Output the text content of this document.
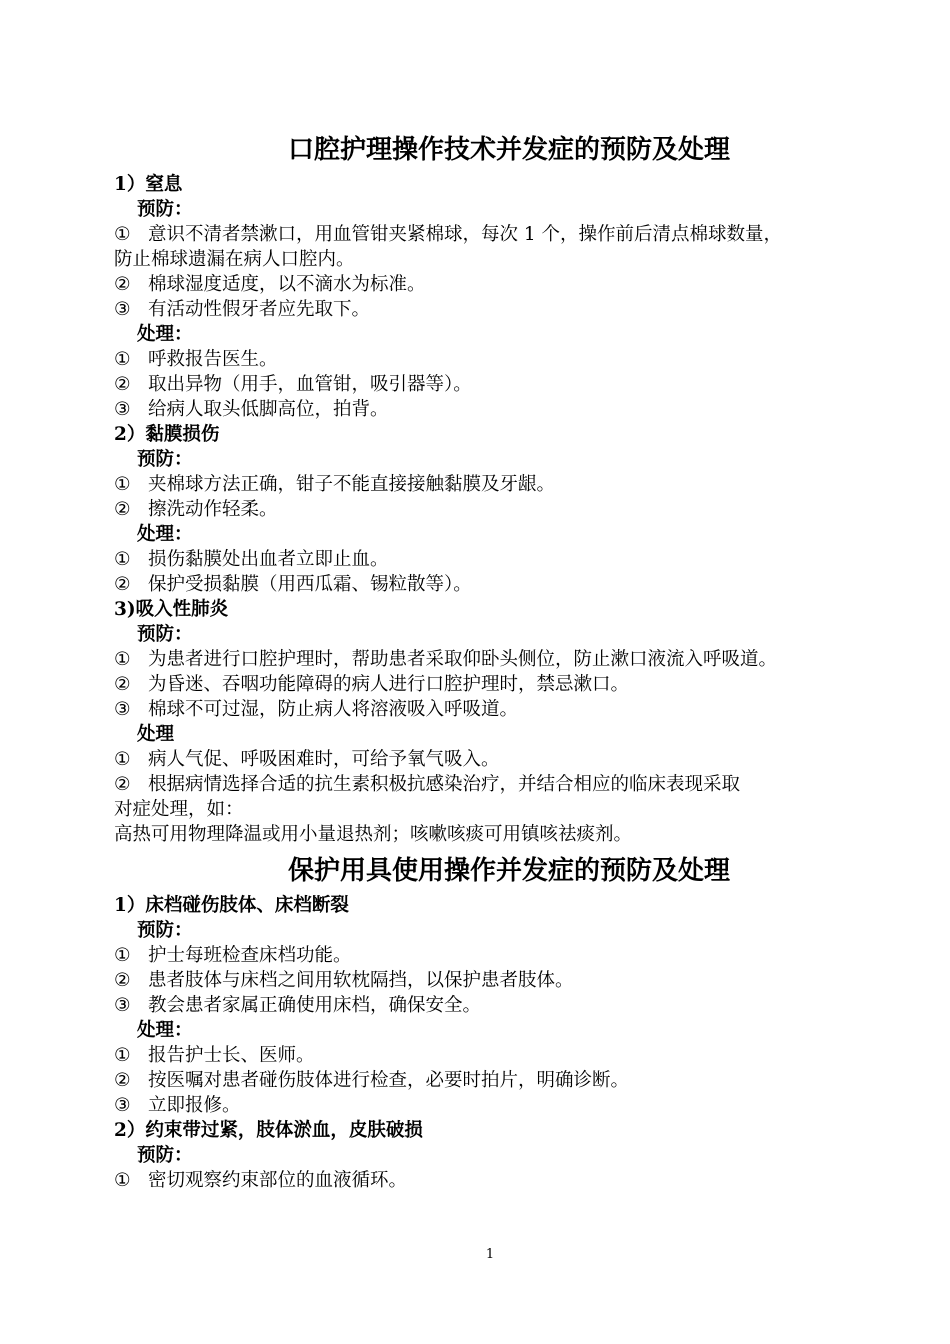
口腔护理操作技术并发症的预防及处理
1）窒息
预防：
① 意识不清者禁漱口，用血管钳夹紧棉球，每次 1 个，操作前后清点棉球数量，
防止棉球遗漏在病人口腔内。
② 棉球湿度适度，以不滴水为标准。
③ 有活动性假牙者应先取下。
处理：
① 呼救报告医生。
② 取出异物（用手，血管钳，吸引器等）。
③ 给病人取头低脚高位，拍背。
2）黏膜损伤
预防：
① 夹棉球方法正确，钳子不能直接接触黏膜及牙龈。
② 擦洗动作轻柔。
处理：
① 损伤黏膜处出血者立即止血。
② 保护受损黏膜（用西瓜霜、锡粒散等）。
3)吸入性肺炎
预防：
① 为患者进行口腔护理时，帮助患者采取仰卧头侧位，防止漱口液流入呼吸道。
② 为昏迷、吞咽功能障碍的病人进行口腔护理时，禁忌漱口。
③ 棉球不可过湿，防止病人将溶液吸入呼吸道。
处理
① 病人气促、呼吸困难时，可给予氧气吸入。
② 根据病情选择合适的抗生素积极抗感染治疗，并结合相应的临床表现采取
对症处理，如：
高热可用物理降温或用小量退热剂；咳嗽咳痰可用镇咳祛痰剂。
保护用具使用操作并发症的预防及处理
1）床档碰伤肢体、床档断裂
预防：
① 护士每班检查床档功能。
② 患者肢体与床档之间用软枕隔挡，以保护患者肢体。
③ 教会患者家属正确使用床档，确保安全。
处理：
① 报告护士长、医师。
② 按医嘱对患者碰伤肢体进行检查，必要时拍片，明确诊断。
③ 立即报修。
2）约束带过紧，肢体淤血，皮肤破损
预防：
① 密切观察约束部位的血液循环。
1
